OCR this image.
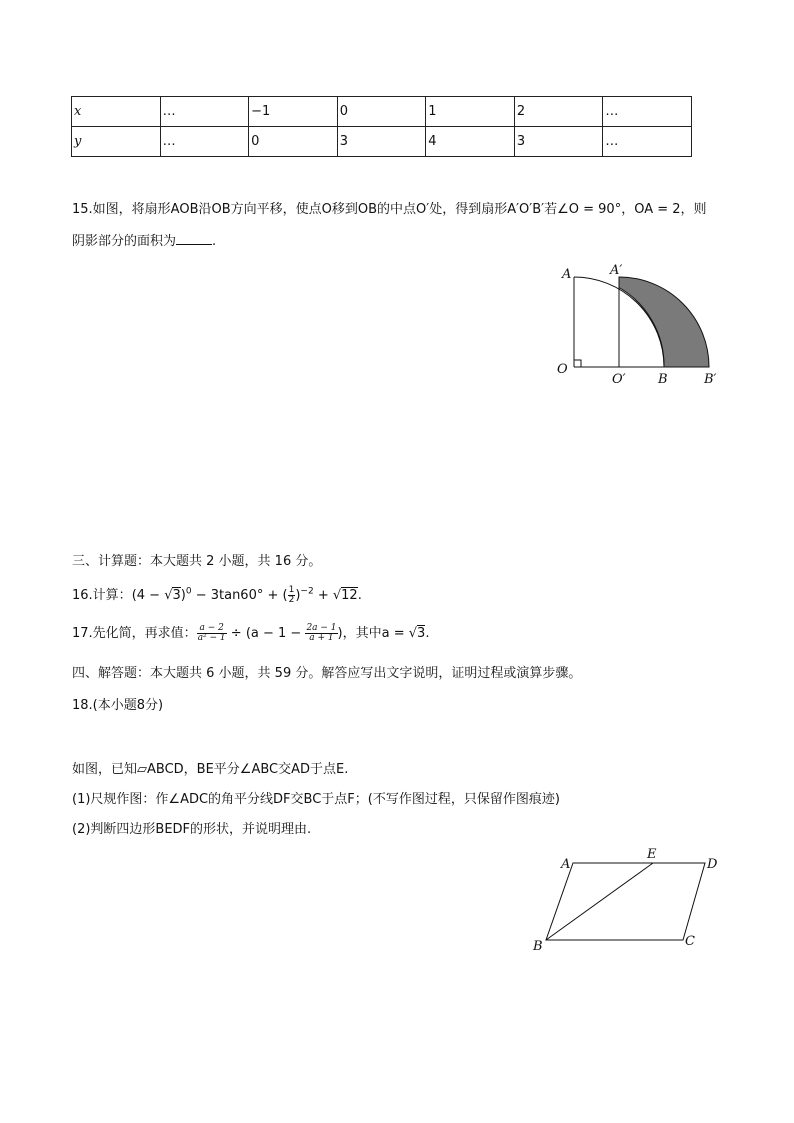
x	…	−1	0	1	2	…
y	…	0	3	4	3	…
15.如图，将扇形AOB沿OB方向平移，使点O移到OB的中点O′处，得到扇形A′O′B′若∠O = 90°，OA = 2，则
阴影部分的面积为	.
A	A′
O
O′ B	B′
三、计算题：本大题共 2 小题，共 16 分。
16.计算：$(4 - √3)^0 - 3\tan 60^\circ$ + ( $\frac{1}{2} )^{-2} + √12$.
17.先化简，再求值： $\frac{a - 2}{\text{a² − 1}} \div (a - 1 - \frac{2a - 1}{a + 1}$ )，其中a = √3.
四、解答题：本大题共 6 小题，共 59 分。解答应写出文字说明，证明过程或演算步骤。
18.(本小题8分)
如图，已知▱ABCD，BE平分∠ABC交AD于点E.
(1)尺规作图：作∠ADC的角平分线DF交BC于点F；(不写作图过程，只保留作图痕迹)
(2)判断四边形BEDF的形状，并说明理由.
A
E
D
B	C
